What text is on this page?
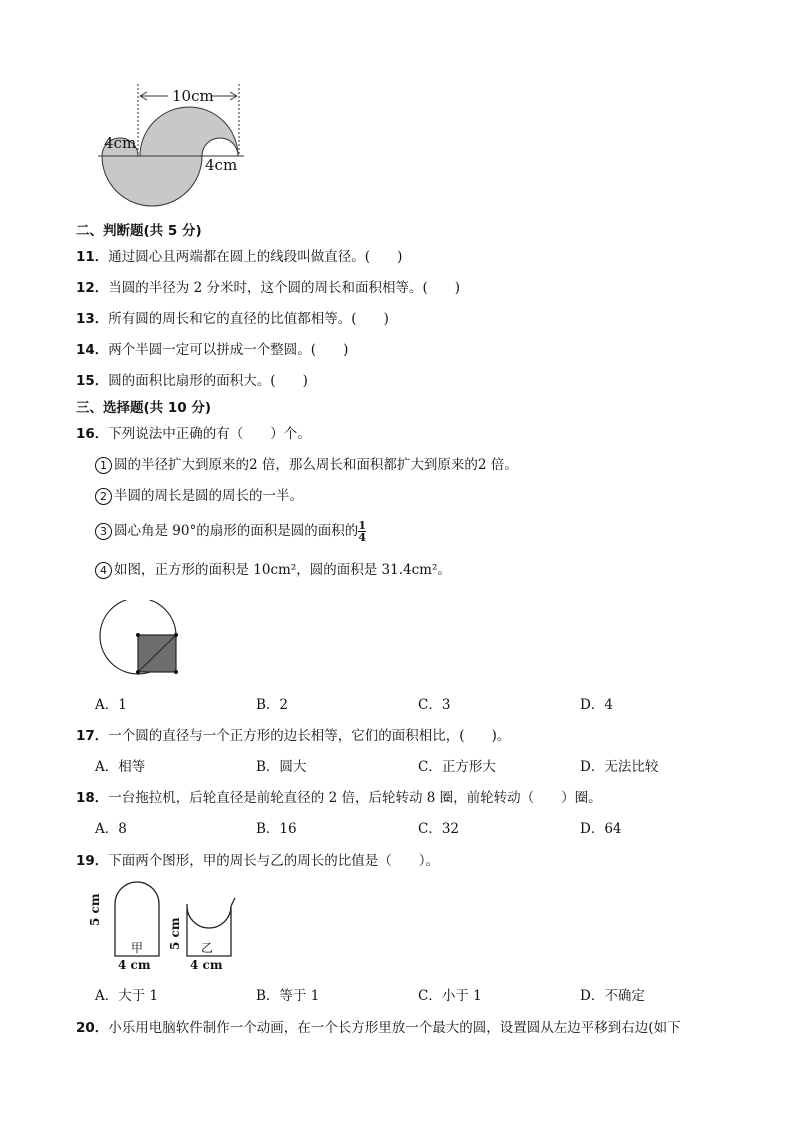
10cm
4cm
4cm
二、判断题(共 5 分)
11．通过圆心且两端都在圆上的线段叫做直径。(　　)
12．当圆的半径为 2 分米时，这个圆的周长和面积相等。(　　)
13．所有圆的周长和它的直径的比值都相等。(　　)
14．两个半圆一定可以拼成一个整圆。(　　)
15．圆的面积比扇形的面积大。(　　)
三、选择题(共 10 分)
16．下列说法中正确的有（　　）个。
1 圆的半径扩大到原来的2 倍，那么周长和面积都扩大到原来的2 倍。
2 半圆的周长是圆的周长的一半。
3 圆心角是 90°的扇形的面积是圆的面积的 $\frac{1}{4}$
4 如图，正方形的面积是 10cm²，圆的面积是 31.4cm²。
A．1	B．2	C．3	D．4
17．一个圆的直径与一个正方形的边长相等，它们的面积相比，(　　)。
A．相等	B．圆大	C．正方形大	D．无法比较
18．一台拖拉机，后轮直径是前轮直径的 2 倍，后轮转动 8 圈，前轮转动（　　）圈。
A．8	B．16	C．32	D．64
19．下面两个图形，甲的周长与乙的周长的比值是（　　）。
甲
5 cm
4 cm
乙
5 cm
4 cm
A．大于 1	B．等于 1	C．小于 1	D．不确定
20．小乐用电脑软件制作一个动画，在一个长方形里放一个最大的圆，设置圆从左边平移到右边(如下
